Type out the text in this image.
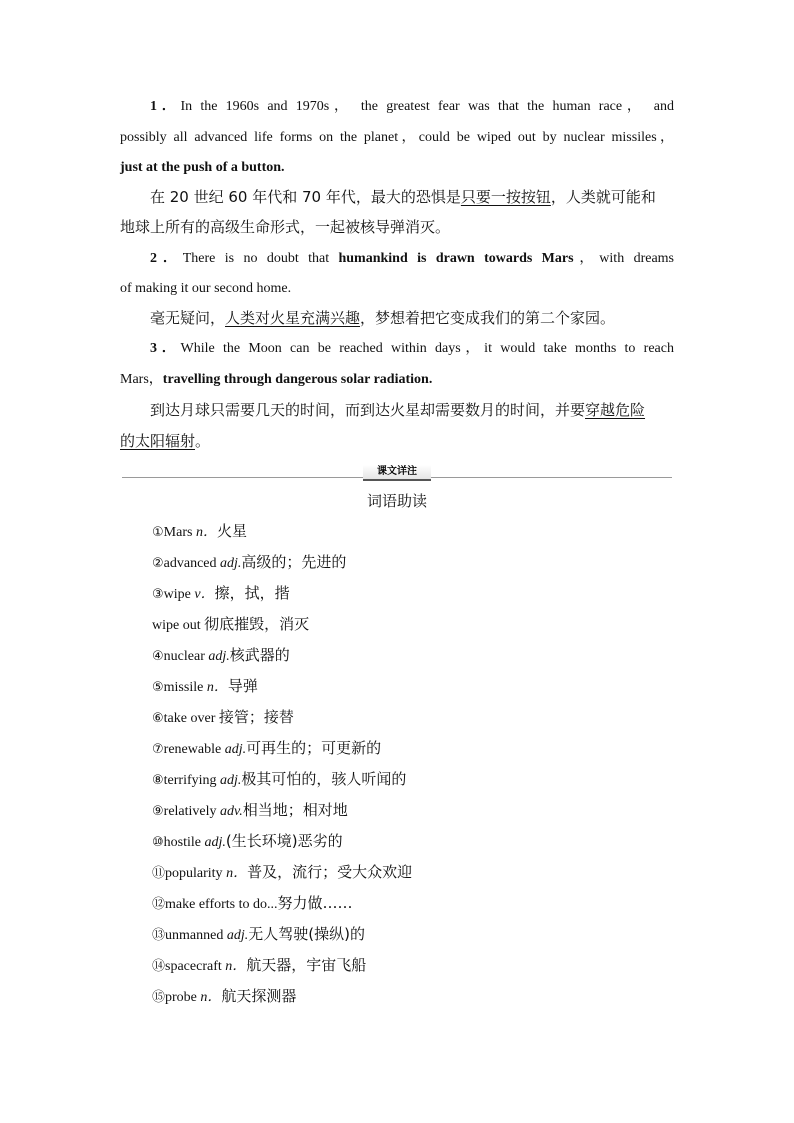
1．In the 1960s and 1970s， the greatest fear was that the human race， and
possibly all advanced life forms on the planet，could be wiped out by nuclear missiles，
just at the push of a button.
在 20 世纪 60 年代和 70 年代，最大的恐惧是只要一按按钮，人类就可能和
地球上所有的高级生命形式，一起被核导弹消灭。
2．There is no doubt that humankind is drawn towards Mars，with dreams
of making it our second home.
毫无疑问，人类对火星充满兴趣，梦想着把它变成我们的第二个家园。
3．While the Moon can be reached within days，it would take months to reach
Mars，travelling through dangerous solar radiation.
到达月球只需要几天的时间，而到达火星却需要数月的时间，并要穿越危险
的太阳辐射。
课文详注
词语助读
①Mars n．火星
②advanced adj.高级的；先进的
③wipe v．擦，拭，揩
wipe out 彻底摧毁，消灭
④nuclear adj.核武器的
⑤missile n．导弹
⑥take over 接管；接替
⑦renewable adj.可再生的；可更新的
⑧terrifying adj.极其可怕的，骇人听闻的
⑨relatively adv.相当地；相对地
⑩hostile adj.(生长环境)恶劣的
⑪popularity n．普及，流行；受大众欢迎
⑫make efforts to do...努力做……
⑬unmanned adj.无人驾驶(操纵)的
⑭spacecraft n．航天器，宇宙飞船
⑮probe n．航天探测器
